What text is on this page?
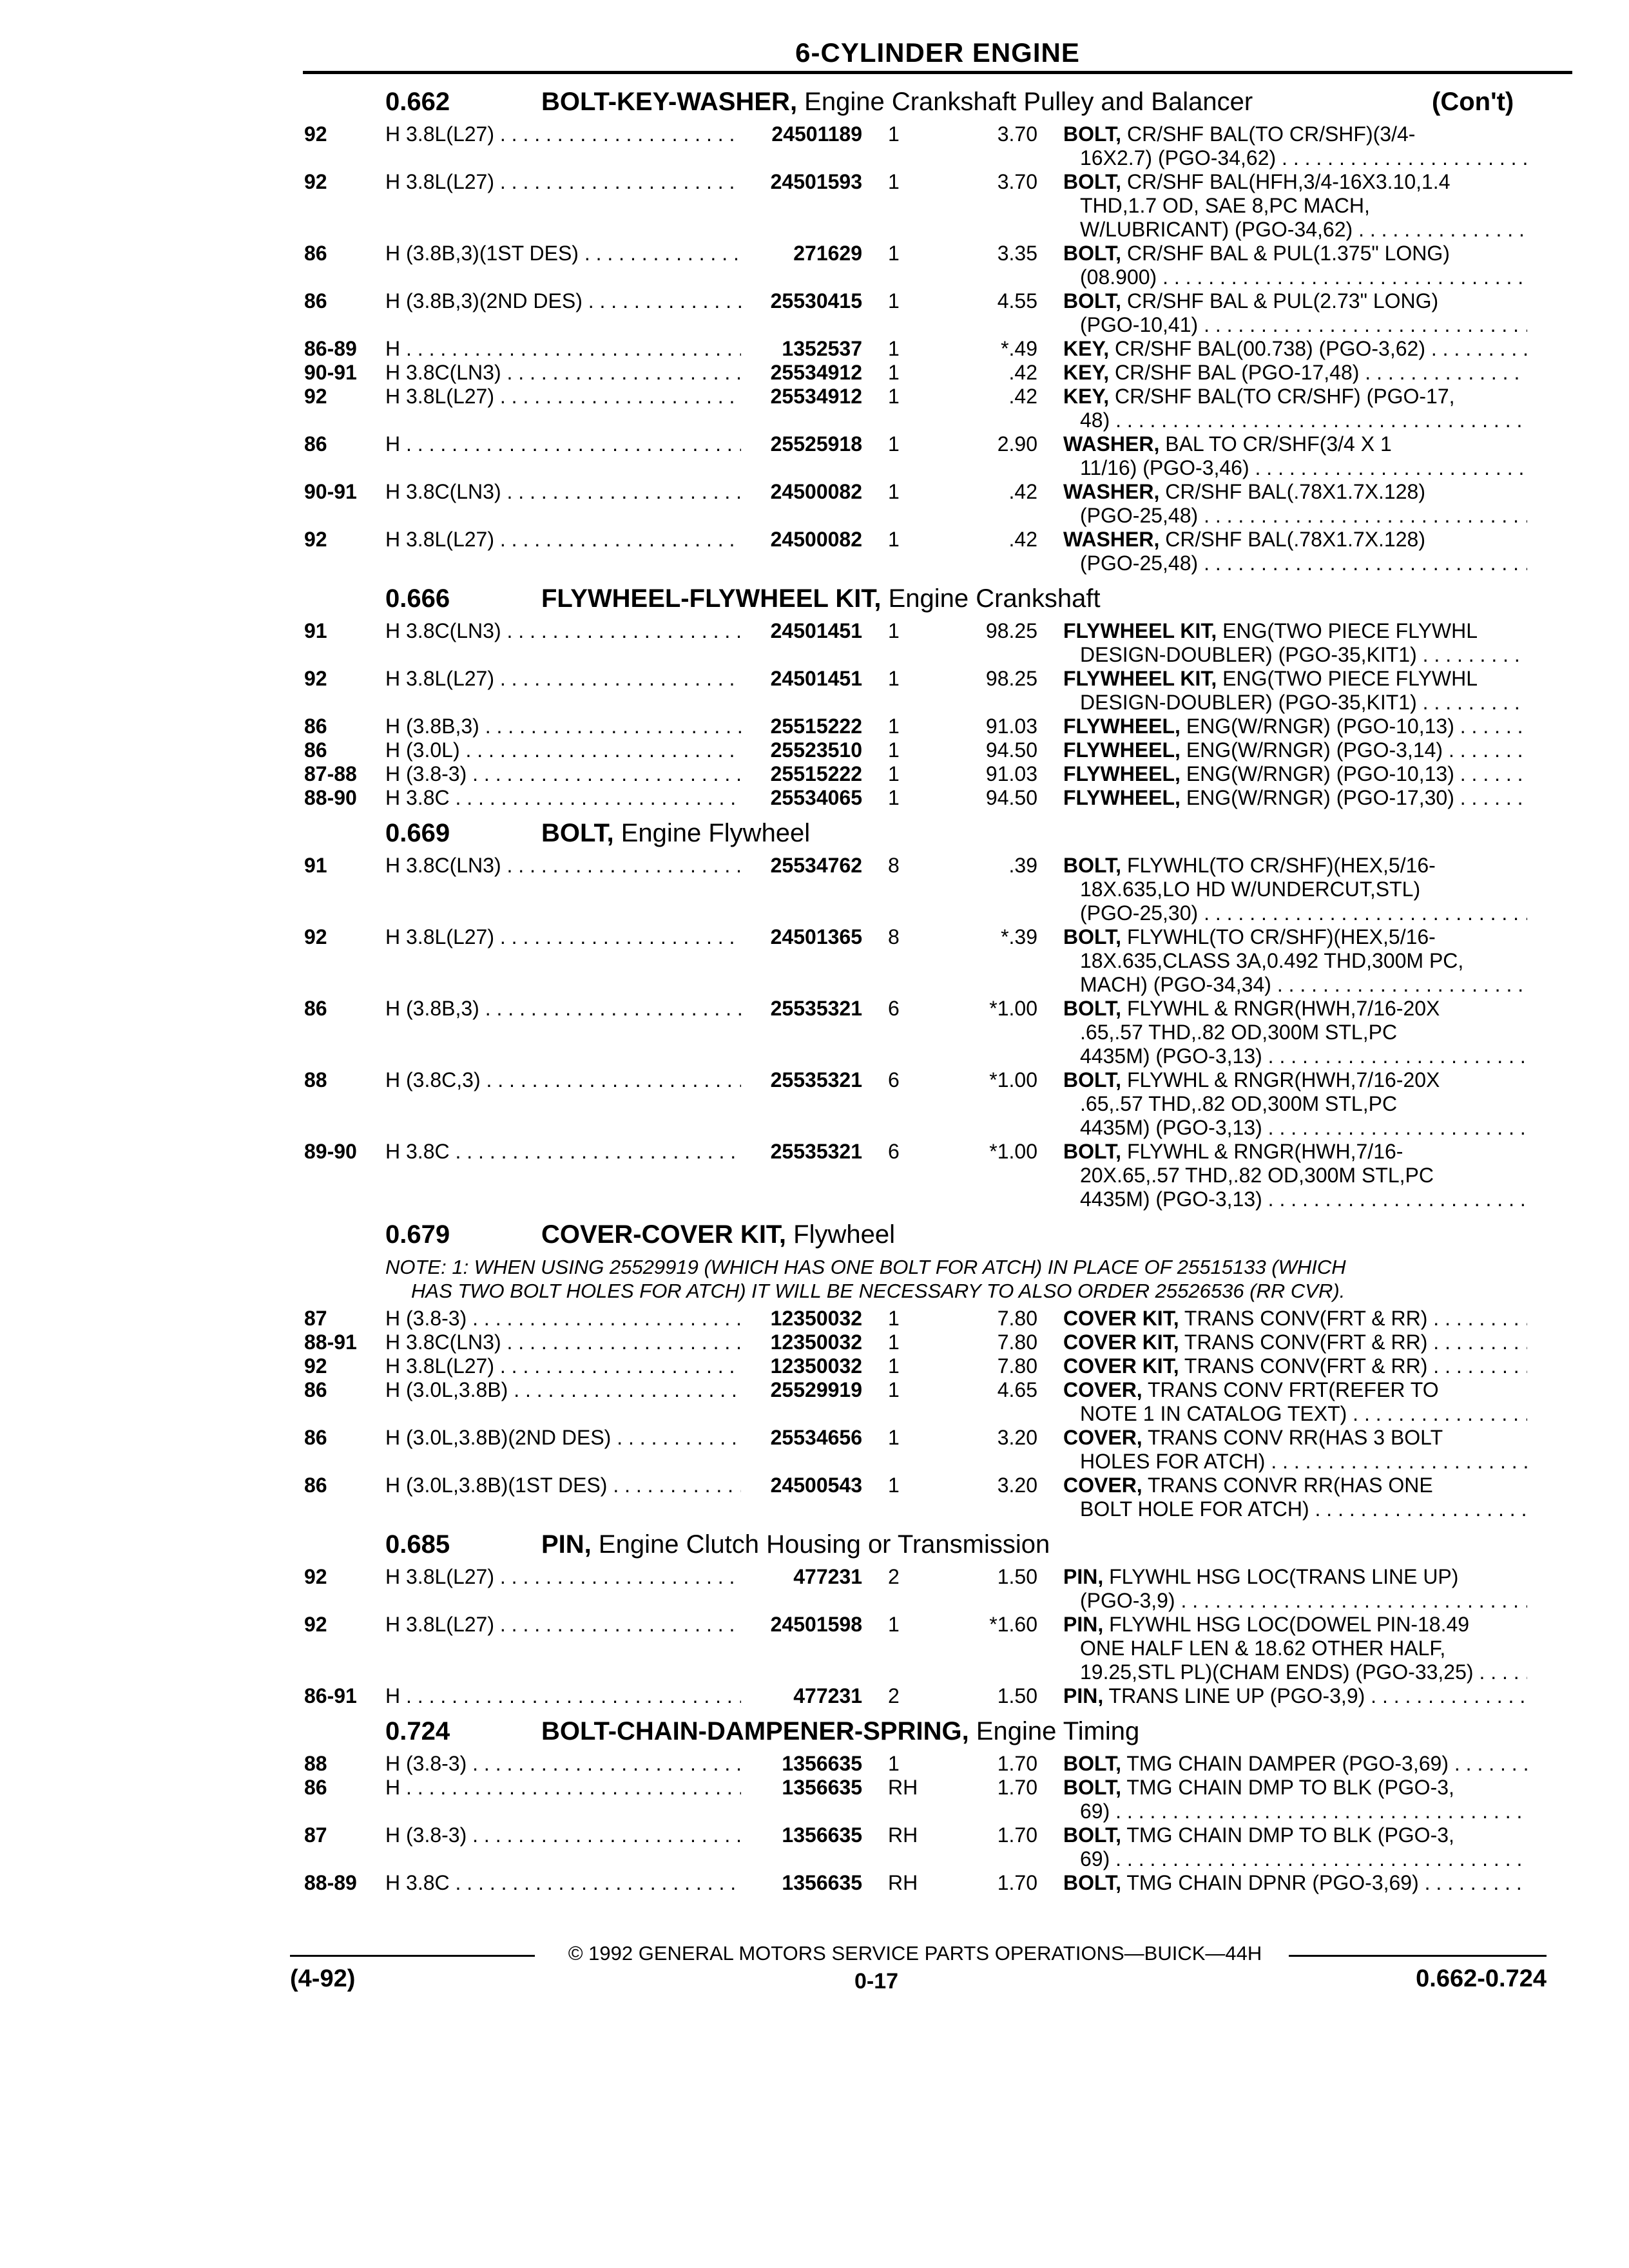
6-CYLINDER ENGINE
0.662	BOLT-KEY-WASHER, Engine Crankshaft Pulley and Balancer	(Con't)
92	H 3.8L(L27) . . .	24501189 1	3.70 BOLT, CR/SHF BAL(TO CR/SHF)(3/4-
16X2.7) (PGO-34,62) . . .
92	H 3.8L(L27) . . .	24501593 1	3.70 BOLT, CR/SHF BAL(HFH,3/4-16X3.10,1.4
THD,1.7 OD, SAE 8,PC MACH,
W/LUBRICANT) (PGO-34,62) . . .
86	H (3.8B,3)(1ST DES) . . .	271629 1	3.35 BOLT, CR/SHF BAL & PUL(1.375" LONG)
(08.900) . . .
86	H (3.8B,3)(2ND DES) . . .	25530415 1	4.55 BOLT, CR/SHF BAL & PUL(2.73" LONG)
(PGO-10,41) . . .
86-89	H . . .	1352537 1	*.49 KEY, CR/SHF BAL(00.738) (PGO-3,62) . . .
90-91	H 3.8C(LN3) . . .	25534912 1	.42 KEY, CR/SHF BAL (PGO-17,48) . . .
92	H 3.8L(L27) . . .	25534912 1	.42 KEY, CR/SHF BAL(TO CR/SHF) (PGO-17,
48) . . .
86	H . . .	25525918 1	2.90 WASHER, BAL TO CR/SHF(3/4 X 1
11/16) (PGO-3,46) . . .
90-91	H 3.8C(LN3) . . .	24500082 1	.42 WASHER, CR/SHF BAL(.78X1.7X.128)
(PGO-25,48) . . .
92	H 3.8L(L27) . . .	24500082 1	.42 WASHER, CR/SHF BAL(.78X1.7X.128)
(PGO-25,48) . . .
0.666	FLYWHEEL-FLYWHEEL KIT, Engine Crankshaft
91	H 3.8C(LN3) . . .	24501451 1	98.25 FLYWHEEL KIT, ENG(TWO PIECE FLYWHL
DESIGN-DOUBLER) (PGO-35,KIT1) . . .
92	H 3.8L(L27) . . .	24501451 1	98.25 FLYWHEEL KIT, ENG(TWO PIECE FLYWHL
DESIGN-DOUBLER) (PGO-35,KIT1) . . .
86	H (3.8B,3) . . .	25515222 1	91.03 FLYWHEEL, ENG(W/RNGR) (PGO-10,13) . . .
86	H (3.0L) . . .	25523510 1	94.50 FLYWHEEL, ENG(W/RNGR) (PGO-3,14) . . .
87-88	H (3.8-3) . . .	25515222 1	91.03 FLYWHEEL, ENG(W/RNGR) (PGO-10,13) . . .
88-90	H 3.8C . . .	25534065 1	94.50 FLYWHEEL, ENG(W/RNGR) (PGO-17,30) . . .
0.669	BOLT, Engine Flywheel
91	H 3.8C(LN3) . . .	25534762 8	.39 BOLT, FLYWHL(TO CR/SHF)(HEX,5/16-
18X.635,LO HD W/UNDERCUT,STL)
(PGO-25,30) . . .
92	H 3.8L(L27) . . .	24501365 8	*.39 BOLT, FLYWHL(TO CR/SHF)(HEX,5/16-
18X.635,CLASS 3A,0.492 THD,300M PC,
MACH) (PGO-34,34) . . .
86	H (3.8B,3) . . .	25535321 6	*1.00 BOLT, FLYWHL & RNGR(HWH,7/16-20X
.65,.57 THD,.82 OD,300M STL,PC
4435M) (PGO-3,13) . . .
88	H (3.8C,3) . . .	25535321 6	*1.00 BOLT, FLYWHL & RNGR(HWH,7/16-20X
.65,.57 THD,.82 OD,300M STL,PC
4435M) (PGO-3,13) . . .
89-90	H 3.8C . . .	25535321 6	*1.00 BOLT, FLYWHL & RNGR(HWH,7/16-
20X.65,.57 THD,.82 OD,300M STL,PC
4435M) (PGO-3,13) . . .
0.679	COVER-COVER KIT, Flywheel
NOTE: 1: WHEN USING 25529919 (WHICH HAS ONE BOLT FOR ATCH) IN PLACE OF 25515133 (WHICH
HAS TWO BOLT HOLES FOR ATCH) IT WILL BE NECESSARY TO ALSO ORDER 25526536 (RR CVR).
87	H (3.8-3) . . .	12350032 1	7.80 COVER KIT, TRANS CONV(FRT & RR) . . .
88-91	H 3.8C(LN3) . . .	12350032 1	7.80 COVER KIT, TRANS CONV(FRT & RR) . . .
92	H 3.8L(L27) . . .	12350032 1	7.80 COVER KIT, TRANS CONV(FRT & RR) . . .
86	H (3.0L,3.8B) . . .	25529919 1	4.65 COVER, TRANS CONV FRT(REFER TO
NOTE 1 IN CATALOG TEXT) . . .
86	H (3.0L,3.8B)(2ND DES) . . .	25534656 1	3.20 COVER, TRANS CONV RR(HAS 3 BOLT
HOLES FOR ATCH) . . .
86	H (3.0L,3.8B)(1ST DES) . . .	24500543 1	3.20 COVER, TRANS CONVR RR(HAS ONE
BOLT HOLE FOR ATCH) . . .
0.685	PIN, Engine Clutch Housing or Transmission
92	H 3.8L(L27) . . .	477231 2	1.50 PIN, FLYWHL HSG LOC(TRANS LINE UP)
(PGO-3,9) . . .
92	H 3.8L(L27) . . .	24501598 1	*1.60 PIN, FLYWHL HSG LOC(DOWEL PIN-18.49
ONE HALF LEN & 18.62 OTHER HALF,
19.25,STL PL)(CHAM ENDS) (PGO-33,25) . . .
86-91	H . . .	477231 2	1.50 PIN, TRANS LINE UP (PGO-3,9) . . .
0.724	BOLT-CHAIN-DAMPENER-SPRING, Engine Timing
88	H (3.8-3) . . .	1356635 1	1.70 BOLT, TMG CHAIN DAMPER (PGO-3,69) . . .
86	H . . .	1356635 RH	1.70 BOLT, TMG CHAIN DMP TO BLK (PGO-3,
69) . . .
87	H (3.8-3) . . .	1356635 RH	1.70 BOLT, TMG CHAIN DMP TO BLK (PGO-3,
69) . . .
88-89	H 3.8C . . .	1356635 RH	1.70 BOLT, TMG CHAIN DPNR (PGO-3,69) . . .
© 1992 GENERAL MOTORS SERVICE PARTS OPERATIONS—BUICK—44H
(4-92)	0-17	0.662-0.724
